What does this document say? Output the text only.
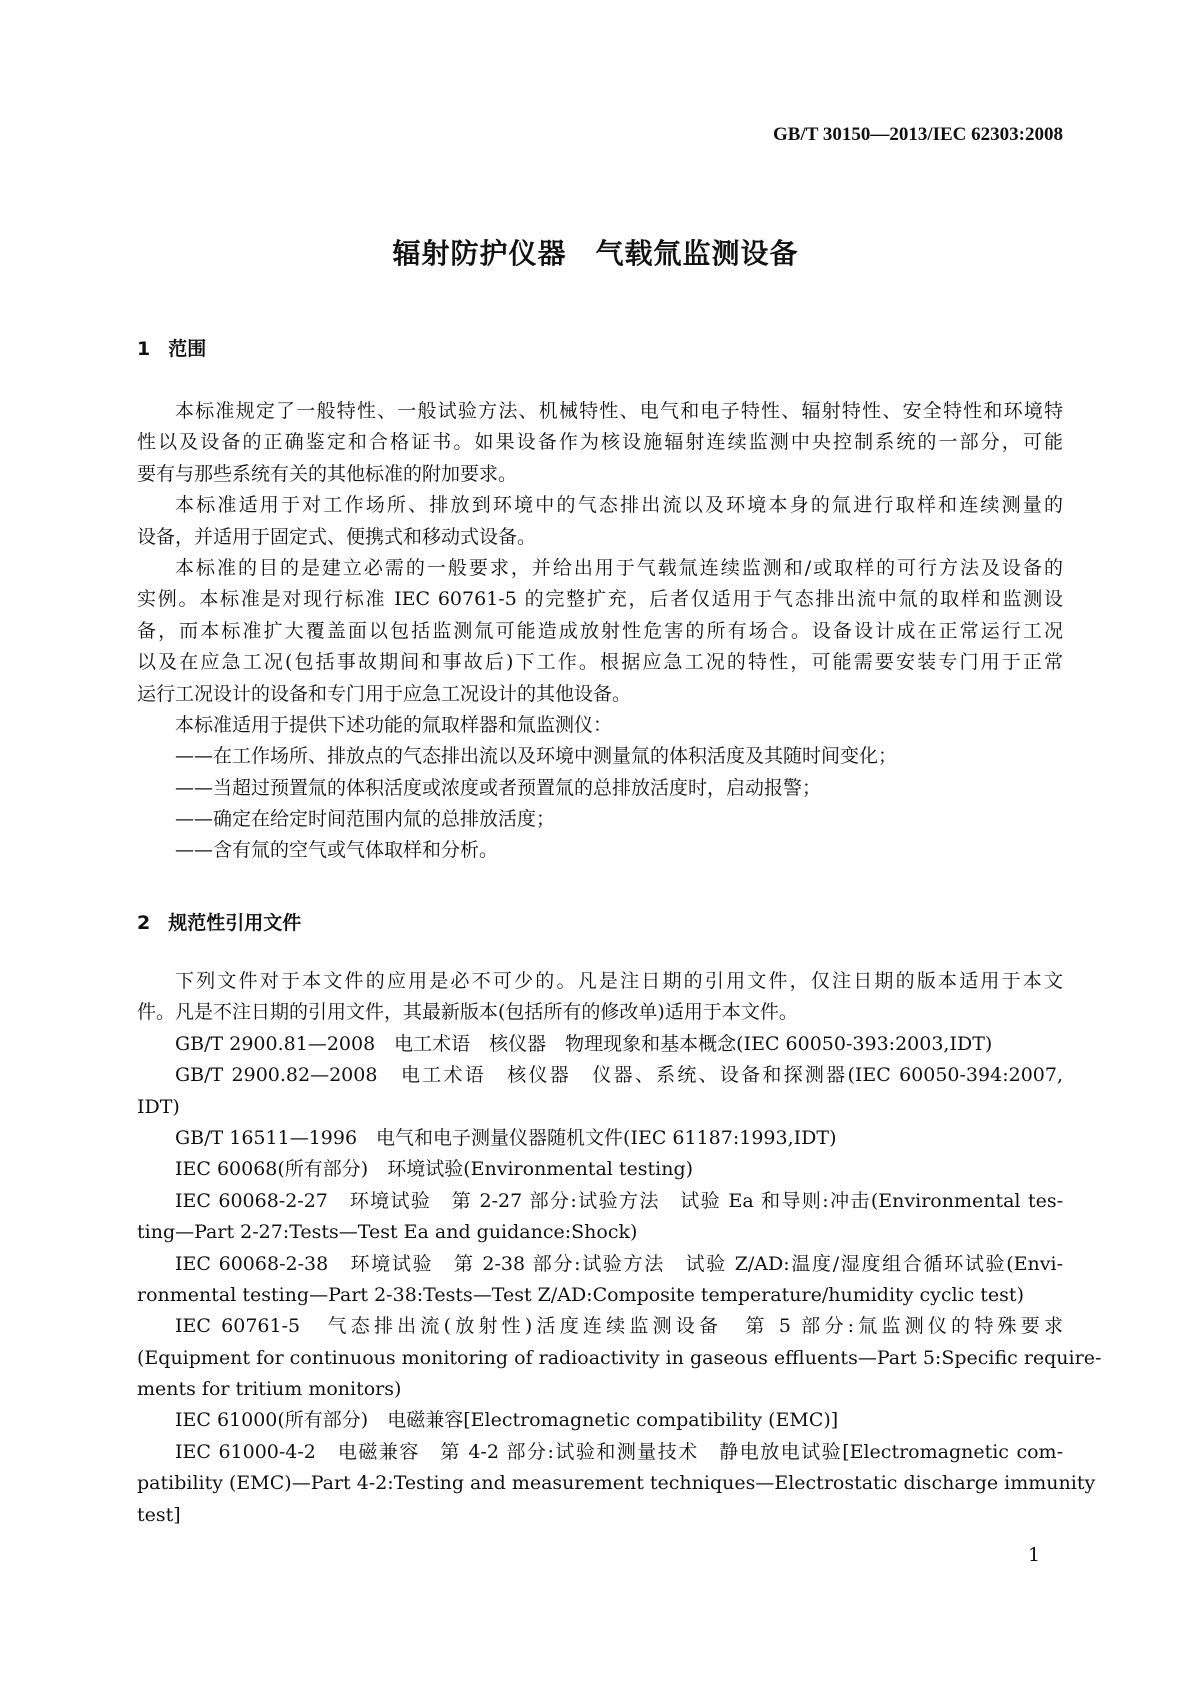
GB/T 30150—2013/IEC 62303:2008
辐射防护仪器　气载氚监测设备
1 范围
本标准规定了一般特性、一般试验方法、机械特性、电气和电子特性、辐射特性、安全特性和环境特
性以及设备的正确鉴定和合格证书。如果设备作为核设施辐射连续监测中央控制系统的一部分，可能
要有与那些系统有关的其他标准的附加要求。
本标准适用于对工作场所、排放到环境中的气态排出流以及环境本身的氚进行取样和连续测量的
设备，并适用于固定式、便携式和移动式设备。
本标准的目的是建立必需的一般要求，并给出用于气载氚连续监测和/或取样的可行方法及设备的
实例。本标准是对现行标准 IEC 60761-5 的完整扩充，后者仅适用于气态排出流中氚的取样和监测设
备，而本标准扩大覆盖面以包括监测氚可能造成放射性危害的所有场合。设备设计成在正常运行工况
以及在应急工况(包括事故期间和事故后)下工作。根据应急工况的特性，可能需要安装专门用于正常
运行工况设计的设备和专门用于应急工况设计的其他设备。
本标准适用于提供下述功能的氚取样器和氚监测仪：
——在工作场所、排放点的气态排出流以及环境中测量氚的体积活度及其随时间变化；
——当超过预置氚的体积活度或浓度或者预置氚的总排放活度时，启动报警；
——确定在给定时间范围内氚的总排放活度；
——含有氚的空气或气体取样和分析。
2 规范性引用文件
下列文件对于本文件的应用是必不可少的。凡是注日期的引用文件，仅注日期的版本适用于本文
件。凡是不注日期的引用文件，其最新版本(包括所有的修改单)适用于本文件。
GB/T 2900.81—2008　电工术语　核仪器　物理现象和基本概念(IEC 60050-393:2003,IDT)
GB/T 2900.82—2008　电工术语　核仪器　仪器、系统、设备和探测器(IEC 60050-394:2007,
IDT)
GB/T 16511—1996　电气和电子测量仪器随机文件(IEC 61187:1993,IDT)
IEC 60068(所有部分)　环境试验(Environmental testing)
IEC 60068-2-27　环境试验　第 2-27 部分:试验方法　试验 Ea 和导则:冲击(Environmental tes-
ting—Part 2-27:Tests—Test Ea and guidance:Shock)
IEC 60068-2-38　环境试验　第 2-38 部分:试验方法　试验 Z/AD:温度/湿度组合循环试验(Envi-
ronmental testing—Part 2-38:Tests—Test Z/AD:Composite temperature/humidity cyclic test)
IEC 60761-5　气态排出流(放射性)活度连续监测设备　第 5 部分:氚监测仪的特殊要求
(Equipment for continuous monitoring of radioactivity in gaseous effluents—Part 5:Specific require-
ments for tritium monitors)
IEC 61000(所有部分)　电磁兼容[Electromagnetic compatibility (EMC)]
IEC 61000-4-2　电磁兼容　第 4-2 部分:试验和测量技术　静电放电试验[Electromagnetic com-
patibility (EMC)—Part 4-2:Testing and measurement techniques—Electrostatic discharge immunity
test]
1
